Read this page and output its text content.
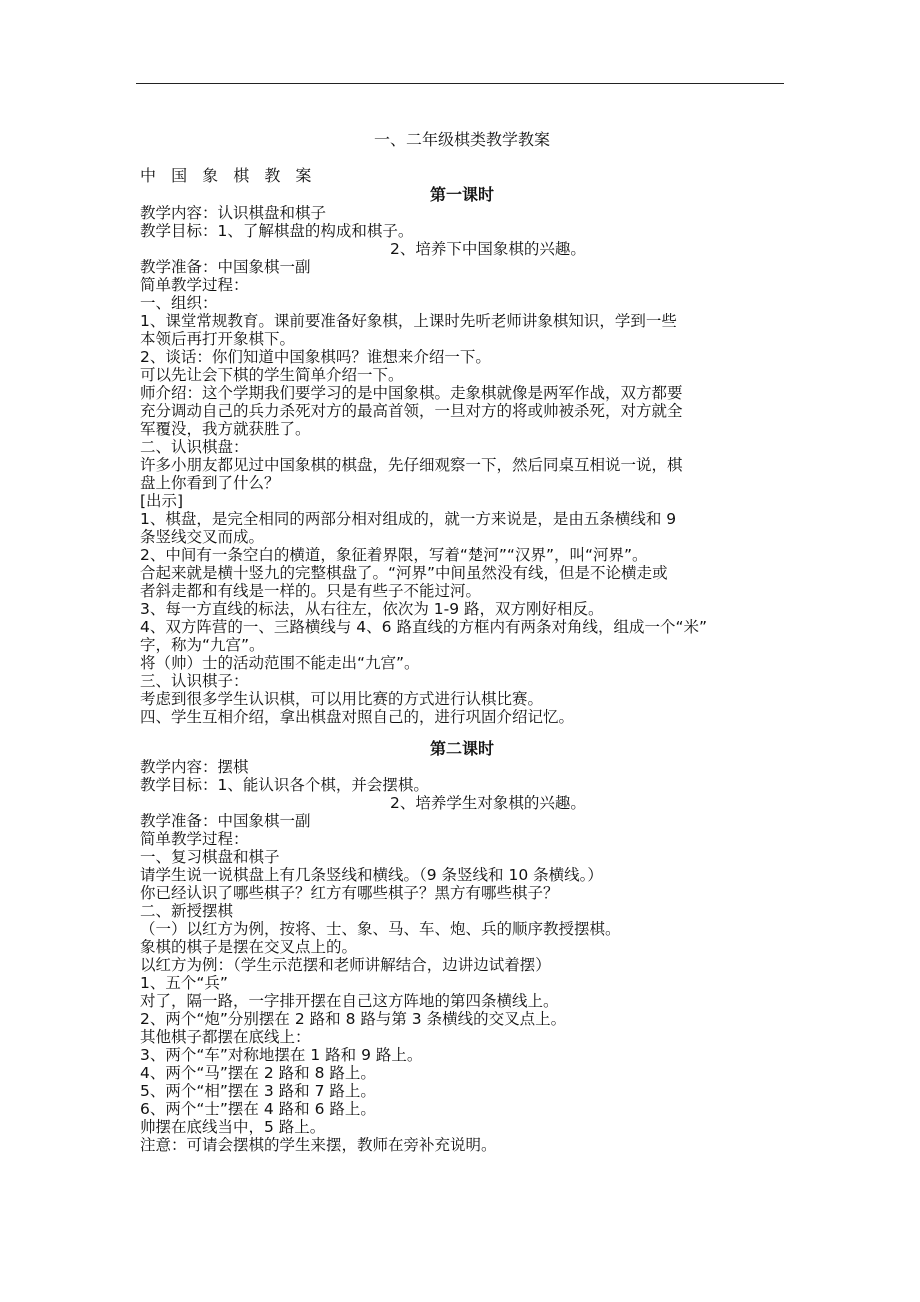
一、二年级棋类教学教案

中 国 象 棋 教 案

第一课时

教学内容：认识棋盘和棋子

教学目标：1、了解棋盘的构成和棋子。

2、培养下中国象棋的兴趣。

教学准备：中国象棋一副

简单教学过程：

一、组织：

1、课堂常规教育。课前要准备好象棋，上课时先听老师讲象棋知识，学到一些

本领后再打开象棋下。

2、谈话：你们知道中国象棋吗？谁想来介绍一下。

可以先让会下棋的学生简单介绍一下。

师介绍：这个学期我们要学习的是中国象棋。走象棋就像是两军作战，双方都要

充分调动自己的兵力杀死对方的最高首领，一旦对方的将或帅被杀死，对方就全

军覆没，我方就获胜了。

二、认识棋盘：

许多小朋友都见过中国象棋的棋盘，先仔细观察一下，然后同桌互相说一说，棋

盘上你看到了什么？

[出示]

1、棋盘，是完全相同的两部分相对组成的，就一方来说是，是由五条横线和 9

条竖线交叉而成。

2、中间有一条空白的横道，象征着界限，写着“楚河”“汉界”，叫“河界”。

合起来就是横十竖九的完整棋盘了。“河界”中间虽然没有线，但是不论横走或

者斜走都和有线是一样的。只是有些子不能过河。

3、每一方直线的标法，从右往左，依次为 1-9 路，双方刚好相反。

4、双方阵营的一、三路横线与 4、6 路直线的方框内有两条对角线，组成一个“米”

字，称为“九宫”。

将（帅）士的活动范围不能走出“九宫”。

三、认识棋子：

考虑到很多学生认识棋，可以用比赛的方式进行认棋比赛。

四、学生互相介绍，拿出棋盘对照自己的，进行巩固介绍记忆。

第二课时

教学内容：摆棋

教学目标：1、能认识各个棋，并会摆棋。

2、培养学生对象棋的兴趣。

教学准备：中国象棋一副

简单教学过程：

一、复习棋盘和棋子

请学生说一说棋盘上有几条竖线和横线。（9 条竖线和 10 条横线。）

你已经认识了哪些棋子？红方有哪些棋子？黑方有哪些棋子？

二、新授摆棋

（一）以红方为例，按将、士、象、马、车、炮、兵的顺序教授摆棋。

象棋的棋子是摆在交叉点上的。

以红方为例：（学生示范摆和老师讲解结合，边讲边试着摆）

1、五个“兵”

对了，隔一路，一字排开摆在自己这方阵地的第四条横线上。

2、两个“炮”分别摆在 2 路和 8 路与第 3 条横线的交叉点上。

其他棋子都摆在底线上：

3、两个“车”对称地摆在 1 路和 9 路上。

4、两个“马”摆在 2 路和 8 路上。

5、两个“相”摆在 3 路和 7 路上。

6、两个“士”摆在 4 路和 6 路上。

帅摆在底线当中，5 路上。

注意：可请会摆棋的学生来摆，教师在旁补充说明。
